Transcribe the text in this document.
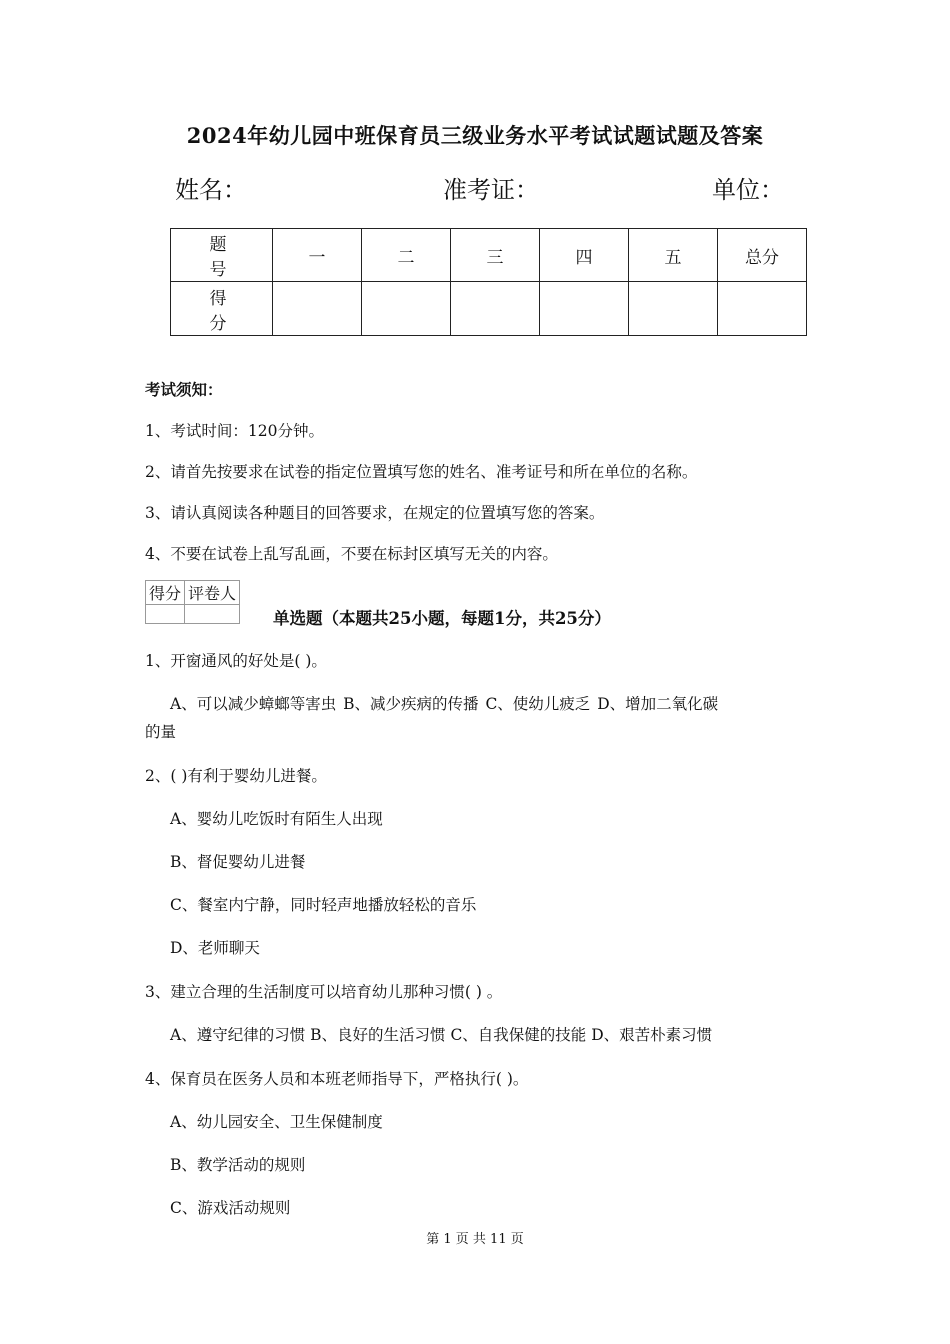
2024年幼儿园中班保育员三级业务水平考试试题试题及答案
姓名：	准考证：	单位：
题 号	一	二	三	四	五	总分
得 分						
考试须知：
1、考试时间：120分钟。
2、请首先按要求在试卷的指定位置填写您的姓名、准考证号和所在单位的名称。
3、请认真阅读各种题目的回答要求，在规定的位置填写您的答案。
4、不要在试卷上乱写乱画，不要在标封区填写无关的内容。
得分	评卷人

单选题（本题共25小题，每题1分，共25分）
1、开窗通风的好处是( )。
A、可以减少蟑螂等害虫 B、减少疾病的传播 C、使幼儿疲乏 D、增加二氧化碳
的量
2、( )有利于婴幼儿进餐。
A、婴幼儿吃饭时有陌生人出现
B、督促婴幼儿进餐
C、餐室内宁静，同时轻声地播放轻松的音乐
D、老师聊天
3、建立合理的生活制度可以培育幼儿那种习惯( ) 。
A、遵守纪律的习惯 B、良好的生活习惯 C、自我保健的技能 D、艰苦朴素习惯
4、保育员在医务人员和本班老师指导下，严格执行( )。
A、幼儿园安全、卫生保健制度
B、教学活动的规则
C、游戏活动规则
第 1 页 共 11 页
